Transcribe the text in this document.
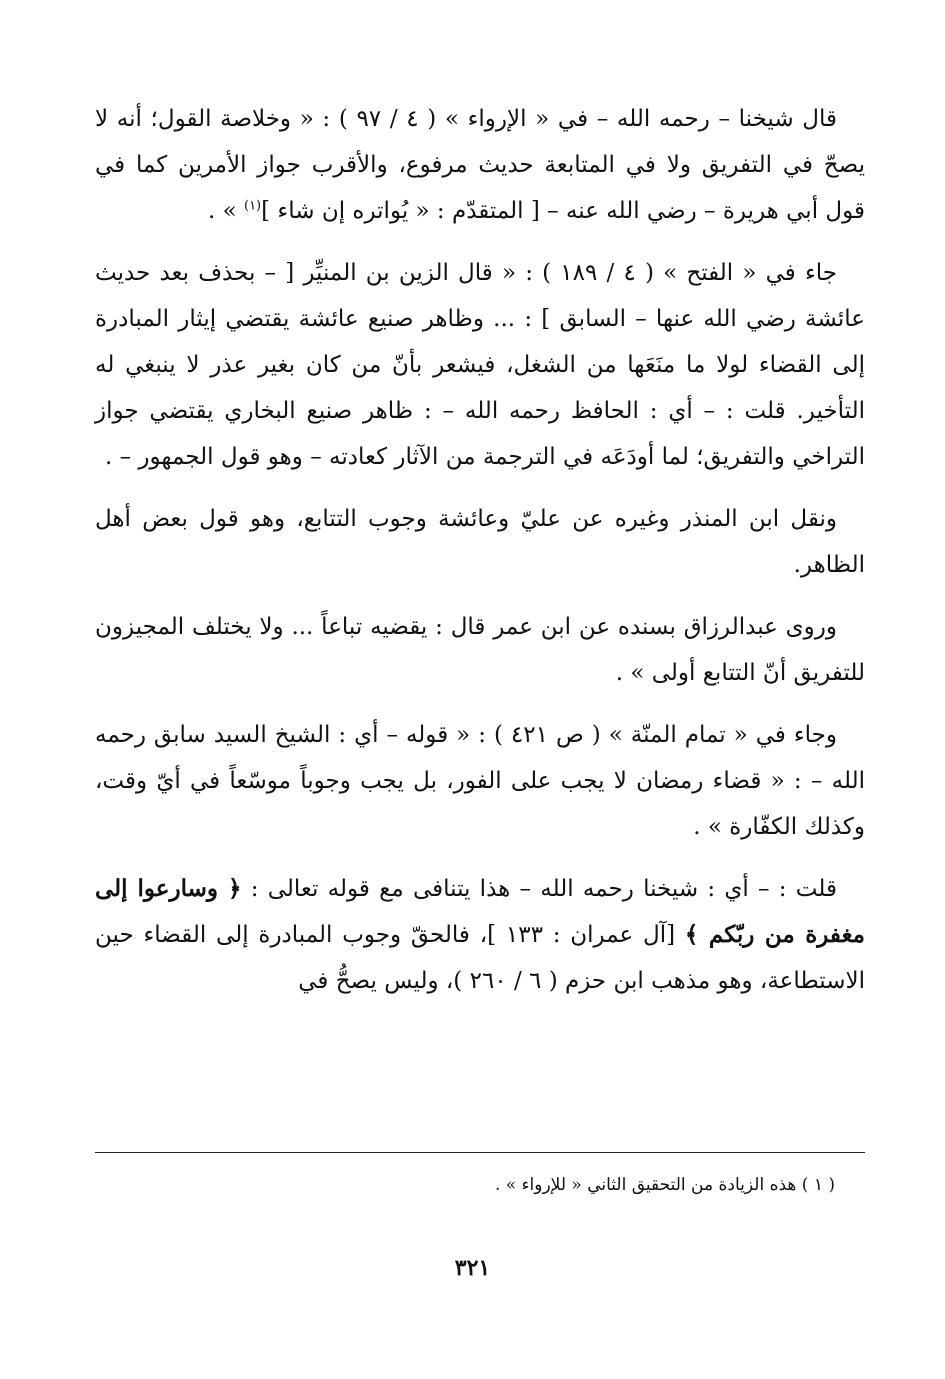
قال شيخنا – رحمه الله – في « الإرواء » ( ٤ / ٩٧ ) : « وخلاصة القول؛ أنه لا يصحّ في التفريق ولا في المتابعة حديث مرفوع، والأقرب جواز الأمرين كما في قول أبي هريرة – رضي الله عنه – [ المتقدّم : « يُواتره إن شاء ]$^{(١)}$ » .

جاء في « الفتح » ( ٤ / ١٨٩ ) : « قال الزين بن المنيِّر [ – بحذف بعد حديث عائشة رضي الله عنها – السابق ] : ... وظاهر صنيع عائشة يقتضي إيثار المبادرة إلى القضاء لولا ما منَعَها من الشغل، فيشعر بأنّ من كان بغير عذر لا ينبغي له التأخير. قلت : – أي : الحافظ رحمه الله – : ظاهر صنيع البخاري يقتضي جواز التراخي والتفريق؛ لما أودَعَه في الترجمة من الآثار كعادته – وهو قول الجمهور – .

ونقل ابن المنذر وغيره عن عليّ وعائشة وجوب التتابع، وهو قول بعض أهل الظاهر.

وروى عبدالرزاق بسنده عن ابن عمر قال : يقضيه تباعاً ... ولا يختلف المجيزون للتفريق أنّ التتابع أولى » .

وجاء في « تمام المنّة » ( ص ٤٢١ ) : « قوله – أي : الشيخ السيد سابق رحمه الله – : « قضاء رمضان لا يجب على الفور، بل يجب وجوباً موسّعاً في أيّ وقت، وكذلك الكفّارة » .

قلت : – أي : شيخنا رحمه الله – هذا يتنافى مع قوله تعالى : ﴿ وسارعوا إلى مغفرة من ربّكم ﴾ [آل عمران : ١٣٣ ]، فالحقّ وجوب المبادرة إلى القضاء حين الاستطاعة، وهو مذهب ابن حزم ( ٦ / ٢٦٠ )، وليس يصحُّ في

( ١ ) هذه الزيادة من التحقيق الثاني « للإرواء » .
٣٢١
